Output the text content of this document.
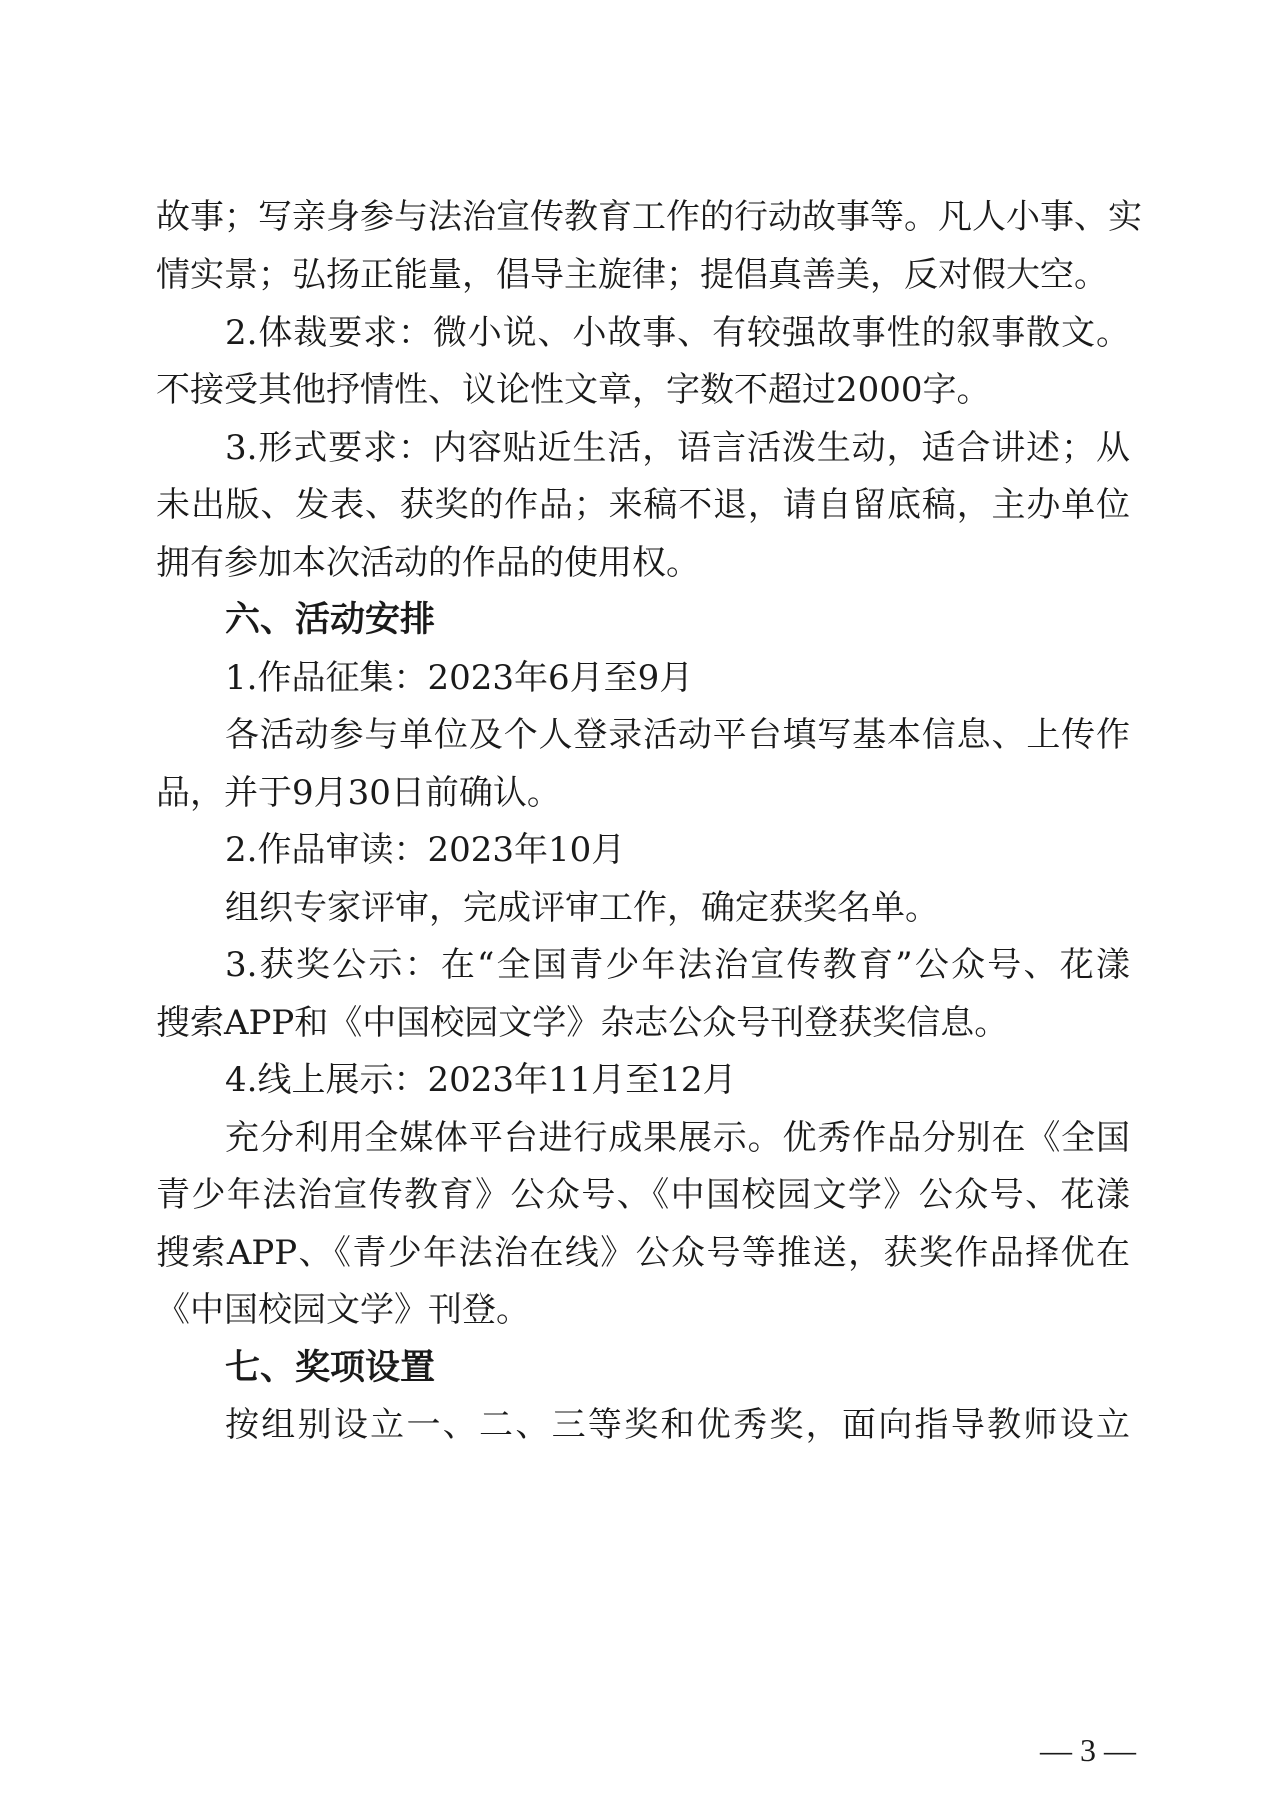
故事；写亲身参与法治宣传教育工作的行动故事等。凡人小事、实
情实景；弘扬正能量，倡导主旋律；提倡真善美，反对假大空。
2.体裁要求：微小说、小故事、有较强故事性的叙事散文。
不接受其他抒情性、议论性文章，字数不超过2000字。
3.形式要求：内容贴近生活，语言活泼生动，适合讲述；从
未出版、发表、获奖的作品；来稿不退，请自留底稿，主办单位
拥有参加本次活动的作品的使用权。
六、活动安排
1.作品征集：2023年6月至9月
各活动参与单位及个人登录活动平台填写基本信息、上传作
品，并于9月30日前确认。
2.作品审读：2023年10月
组织专家评审，完成评审工作，确定获奖名单。
3.获奖公示：在“全国青少年法治宣传教育”公众号、花漾
搜索APP和《中国校园文学》杂志公众号刊登获奖信息。
4.线上展示：2023年11月至12月
充分利用全媒体平台进行成果展示。优秀作品分别在《全国
青少年法治宣传教育》公众号、《中国校园文学》公众号、花漾
搜索APP、《青少年法治在线》公众号等推送，获奖作品择优在
《中国校园文学》刊登。
七、奖项设置
按组别设立一、二、三等奖和优秀奖，面向指导教师设立
— 3 —
